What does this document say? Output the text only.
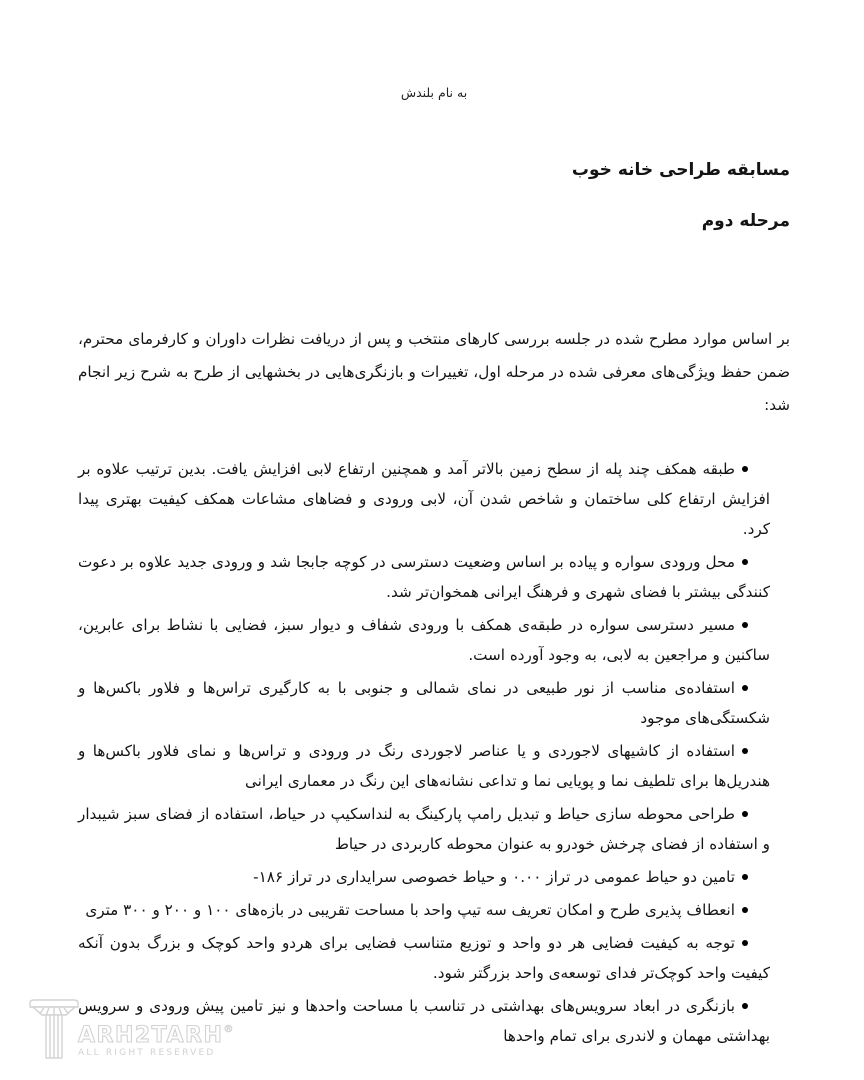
به نام بلندش
مسابقه طراحی خانه خوب
مرحله دوم

بر اساس موارد مطرح شده در جلسه بررسی کارهای منتخب و پس از دریافت نظرات داوران و کارفرمای محترم، ضمن حفظ ویژگی‌های معرفی شده در مرحله اول، تغییرات و بازنگری‌هایی در بخشهایی از طرح به شرح زیر انجام شد:

طبقه همکف چند پله از سطح زمین بالاتر آمد و همچنین ارتفاع لابی افزایش یافت. بدین ترتیب علاوه بر افزایش ارتفاع کلی ساختمان و شاخص شدن آن، لابی ورودی و فضاهای مشاعات همکف کیفیت بهتری پیدا کرد.
محل ورودی سواره و پیاده بر اساس وضعیت دسترسی در کوچه جابجا شد و ورودی جدید علاوه بر دعوت کنندگی بیشتر با فضای شهری و فرهنگ ایرانی همخوان‌تر شد.
مسیر دسترسی سواره در طبقه‌ی همکف با ورودی شفاف و دیوار سبز، فضایی با نشاط برای عابرین، ساکنین و مراجعین به لابی، به وجود آورده است.
استفاده‌ی مناسب از نور طبیعی در نمای شمالی و جنوبی با به کارگیری تراس‌ها و فلاور باکس‌ها و شکستگی‌های موجود
استفاده از کاشیهای لاجوردی و یا عناصر لاجوردی رنگ در ورودی و تراس‌ها و نمای فلاور باکس‌ها و هندریل‌ها برای تلطیف نما و پویایی نما و تداعی نشانه‌های این رنگ در معماری ایرانی
طراحی محوطه سازی حیاط و تبدیل رامپ پارکینگ به لنداسکیپ در حیاط، استفاده از فضای سبز شیبدار و استفاده از فضای چرخش خودرو به عنوان محوطه کاربردی در حیاط
تامین دو حیاط عمومی در تراز ۰.۰۰ و حیاط خصوصی سرایداری در تراز ۱۸۶-
انعطاف پذیری طرح و امکان تعریف سه تیپ واحد با مساحت تقریبی در بازه‌های ۱۰۰ و ۲۰۰ و ۳۰۰ متری
توجه به کیفیت فضایی هر دو واحد و توزیع متناسب فضایی برای هردو واحد کوچک و بزرگ بدون آنکه کیفیت واحد کوچک‌تر فدای توسعه‌ی واحد بزرگتر شود.
بازنگری در ابعاد سرویس‌های بهداشتی در تناسب با مساحت واحدها و نیز تامین پیش ورودی و سرویس بهداشتی مهمان و لاندری برای تمام واحدها
ARH2TARH®
ALL RIGHT RESERVED
